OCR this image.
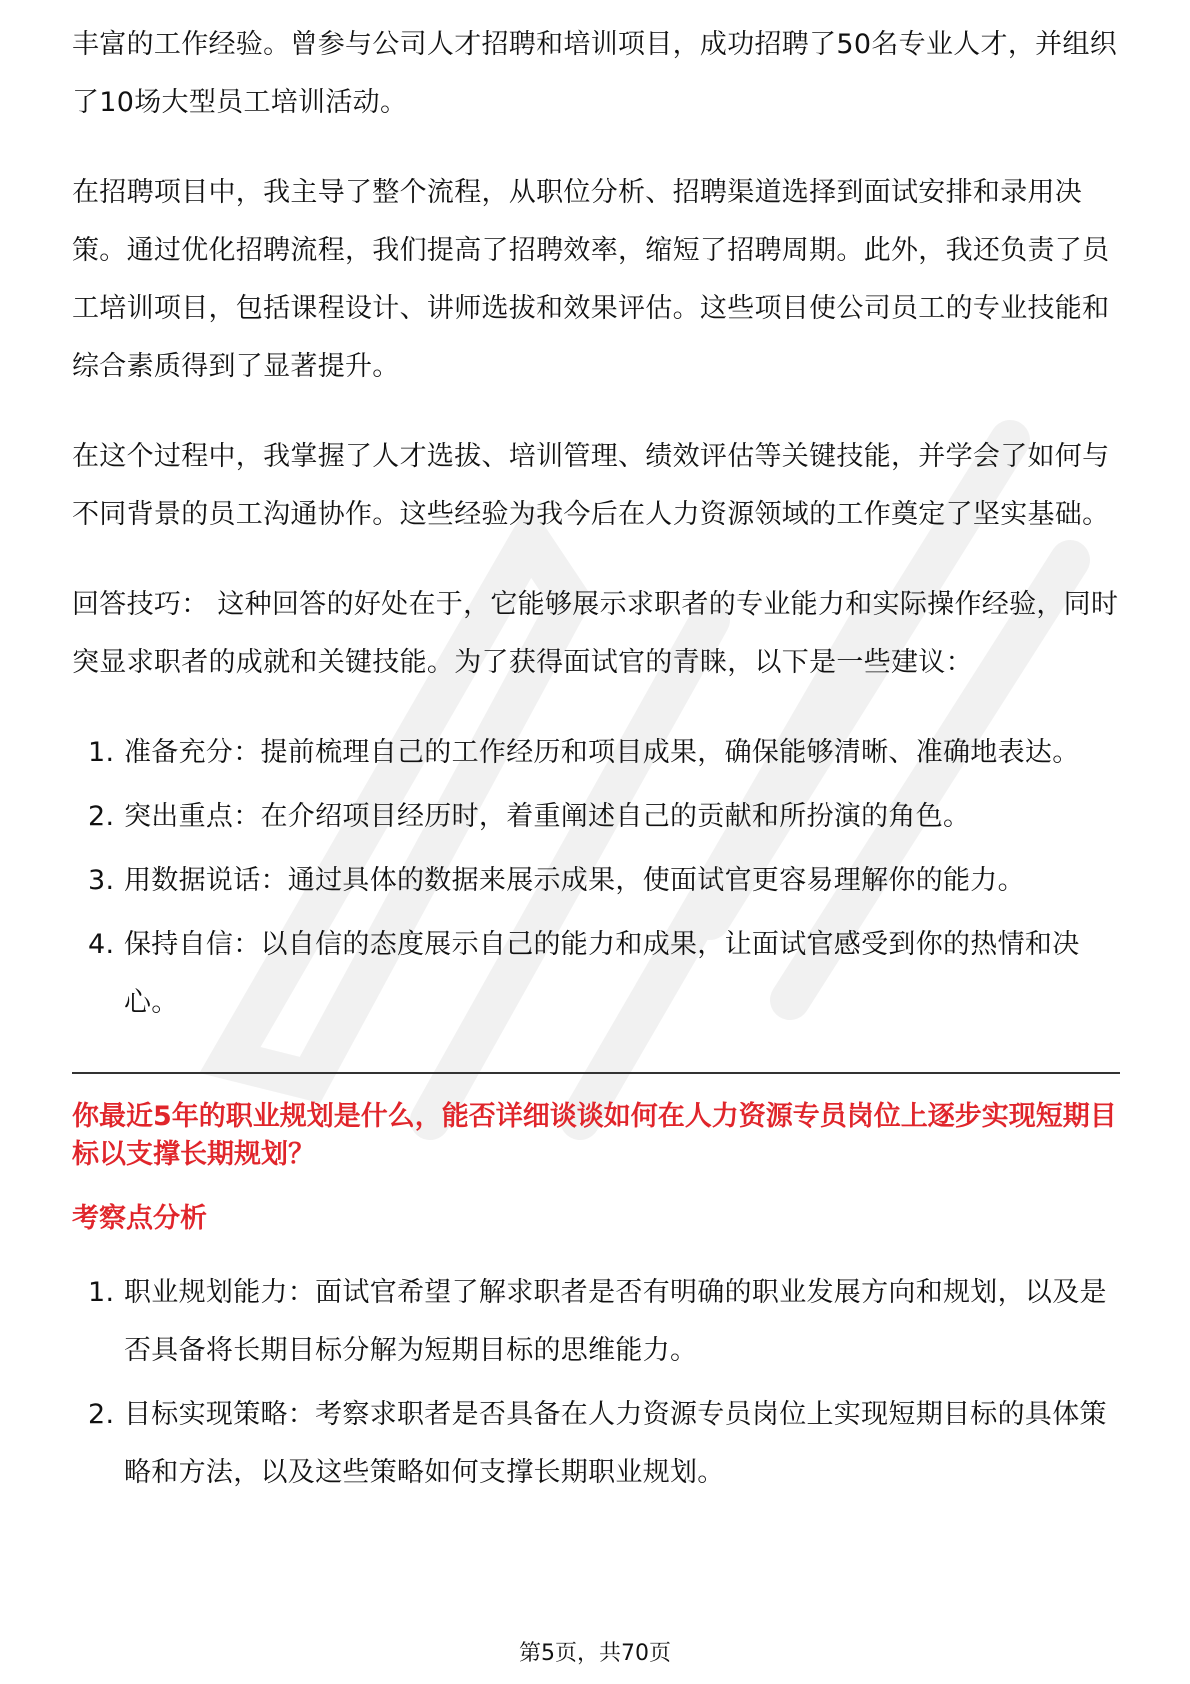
丰富的工作经验。曾参与公司人才招聘和培训项目，成功招聘了50名专业人才，并组织了10场大型员工培训活动。

在招聘项目中，我主导了整个流程，从职位分析、招聘渠道选择到面试安排和录用决策。通过优化招聘流程，我们提高了招聘效率，缩短了招聘周期。此外，我还负责了员工培训项目，包括课程设计、讲师选拔和效果评估。这些项目使公司员工的专业技能和综合素质得到了显著提升。

在这个过程中，我掌握了人才选拔、培训管理、绩效评估等关键技能，并学会了如何与不同背景的员工沟通协作。这些经验为我今后在人力资源领域的工作奠定了坚实基础。

回答技巧： 这种回答的好处在于，它能够展示求职者的专业能力和实际操作经验，同时突显求职者的成就和关键技能。为了获得面试官的青睐，以下是一些建议：

1. 准备充分：提前梳理自己的工作经历和项目成果，确保能够清晰、准确地表达。
2. 突出重点：在介绍项目经历时，着重阐述自己的贡献和所扮演的角色。
3. 用数据说话：通过具体的数据来展示成果，使面试官更容易理解你的能力。
4. 保持自信：以自信的态度展示自己的能力和成果，让面试官感受到你的热情和决心。
你最近5年的职业规划是什么，能否详细谈谈如何在人力资源专员岗位上逐步实现短期目标以支撑长期规划？
考察点分析
1. 职业规划能力：面试官希望了解求职者是否有明确的职业发展方向和规划，以及是否具备将长期目标分解为短期目标的思维能力。
2. 目标实现策略：考察求职者是否具备在人力资源专员岗位上实现短期目标的具体策略和方法，以及这些策略如何支撑长期职业规划。
第5页，共70页
